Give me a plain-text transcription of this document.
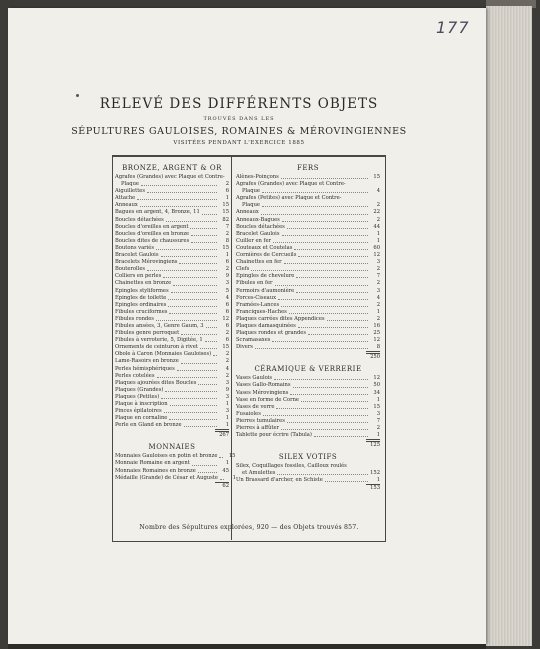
177
RELEVÉ DES DIFFÉRENTS OBJETS
TROUVÉS DANS LES
SÉPULTURES GAULOISES, ROMAINES & MÉROVINGIENNES
VISITÉES PENDANT L'EXERCICE 1885
BRONZE, ARGENT & OR
Agrafes (Grandes) avec Plaque et Contre-
Plaque	2
Aiguillettes	6
Attache	1
Anneaux	15
Bagues en argent, 4, Bronze, 11	15
Boucles détachées	82
Boucles d'oreilles en argent	7
Boucles d'oreilles en bronze	2
Boucles dites de chaussures	8
Boutons variés	15
Bracelet Gaulois	1
Bracelets Mérovingiens	6
Bouterolles	2
Colliers en perles	9
Chainettes en bronze	3
Epingles styliformes	5
Epingles de toilette	4
Epingles ordinaires	6
Fibules cruciformes	6
Fibules rondes	12
Fibules ansées, 3, Genre Gaum, 3	6
Fibules genre perroquet	2
Fibules à verroterie, 5, Digitée, 1	6
Ornements de ceinturon à rivet	15
Obole à Caron (Monnaies Gauloises)	2
Lame-Rasoirs en bronze	2
Perles hémisphériques	4
Perles cotelées	2
Plaques ajourées dites Boucles	3
Plaques (Grandes)	9
Plaques (Petites)	3
Plaque à inscription	1
Pinces épilatoires	3
Plaque en cornaline	1
Perle en Gland en bronze	1
267
MONNAIES
Monnaies Gauloises en potin et bronze	15
Monnaie Romaine en argent	1
Monnaies Romaines en bronze	45
Médaille (Grande) de César et Auguste	1
62
FERS
Alènes-Poinçons	15
Agrafes (Grandes) avec Plaque et Contre-
Plaque	4
Agrafes (Petites) avec Plaque et Contre-
Plaque	2
Anneaux	22
Anneaux-Bagues	2
Boucles détachées	44
Bracelet Gaulois	1
Cuiller en fer	1
Couteaux et Coutelas	60
Cornières de Cercueils	12
Chainettes en fer	3
Clefs	2
Epingles de chevelure	7
Fibules en fer	2
Fermoirs d'aumonière	3
Forces-Ciseaux	4
Framées-Lances	2
Franciques-Haches	1
Plaques carrées dites Appendices	2
Plaques damasquinées	16
Plaques rondes et grandes	25
Scramasaxes	12
Divers	8
250
CÉRAMIQUE & VERRERIE
Vases Gaulois	12
Vases Gallo-Romains	50
Vases Mérovingiens	34
Vase en forme de Corne	1
Vases de verre	15
Fusaioles	3
Pierres tumulaires	7
Pierres à affûter	2
Tablette pour écrire (Tabula)	1
125
SILEX VOTIFS
Silex, Coquillages fossiles, Cailloux roulés
et Amulettes	152
Un Brassard d'archer, en Schiste	1
153
Nombre des Sépultures explorées, 920 — des Objets trouvés 857.
